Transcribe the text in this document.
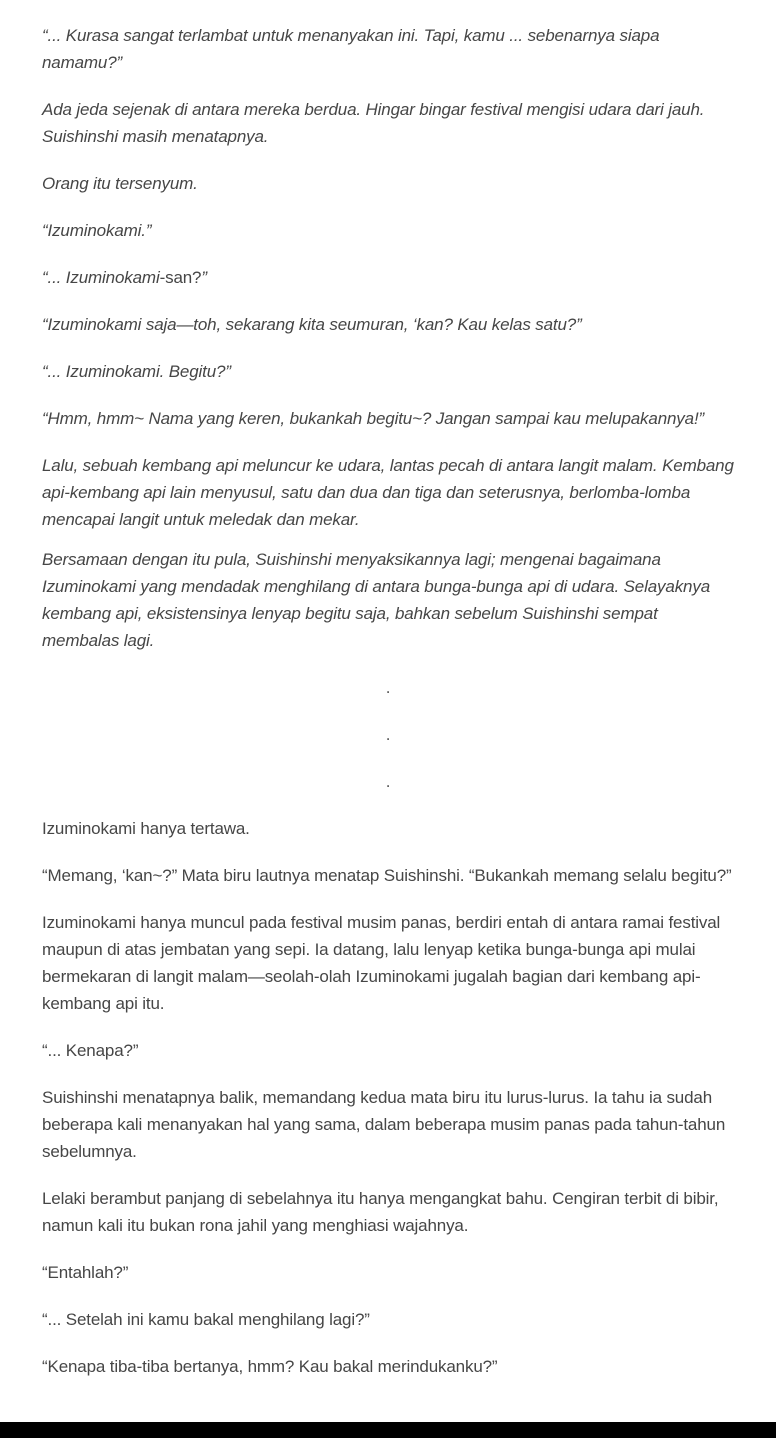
“... Kurasa sangat terlambat untuk menanyakan ini. Tapi, kamu ... sebenarnya siapa namamu?”

Ada jeda sejenak di antara mereka berdua. Hingar bingar festival mengisi udara dari jauh. Suishinshi masih menatapnya.

Orang itu tersenyum.

“Izuminokami.”

“... Izuminokami-san?”

“Izuminokami saja—toh, sekarang kita seumuran, ‘kan? Kau kelas satu?”

“... Izuminokami. Begitu?”

“Hmm, hmm~ Nama yang keren, bukankah begitu~? Jangan sampai kau melupakannya!”

Lalu, sebuah kembang api meluncur ke udara, lantas pecah di antara langit malam. Kembang api-kembang api lain menyusul, satu dan dua dan tiga dan seterusnya, berlomba-lomba mencapai langit untuk meledak dan mekar.

Bersamaan dengan itu pula, Suishinshi menyaksikannya lagi; mengenai bagaimana Izuminokami yang mendadak menghilang di antara bunga-bunga api di udara. Selayaknya kembang api, eksistensinya lenyap begitu saja, bahkan sebelum Suishinshi sempat membalas lagi.

.

.

.

Izuminokami hanya tertawa.

“Memang, ‘kan~?” Mata biru lautnya menatap Suishinshi. “Bukankah memang selalu begitu?”

Izuminokami hanya muncul pada festival musim panas, berdiri entah di antara ramai festival maupun di atas jembatan yang sepi. Ia datang, lalu lenyap ketika bunga-bunga api mulai bermekaran di langit malam—seolah-olah Izuminokami jugalah bagian dari kembang api-kembang api itu.

“... Kenapa?”

Suishinshi menatapnya balik, memandang kedua mata biru itu lurus-lurus. Ia tahu ia sudah beberapa kali menanyakan hal yang sama, dalam beberapa musim panas pada tahun-tahun sebelumnya.

Lelaki berambut panjang di sebelahnya itu hanya mengangkat bahu. Cengiran terbit di bibir, namun kali itu bukan rona jahil yang menghiasi wajahnya.

“Entahlah?”

“... Setelah ini kamu bakal menghilang lagi?”

“Kenapa tiba-tiba bertanya, hmm? Kau bakal merindukanku?”
